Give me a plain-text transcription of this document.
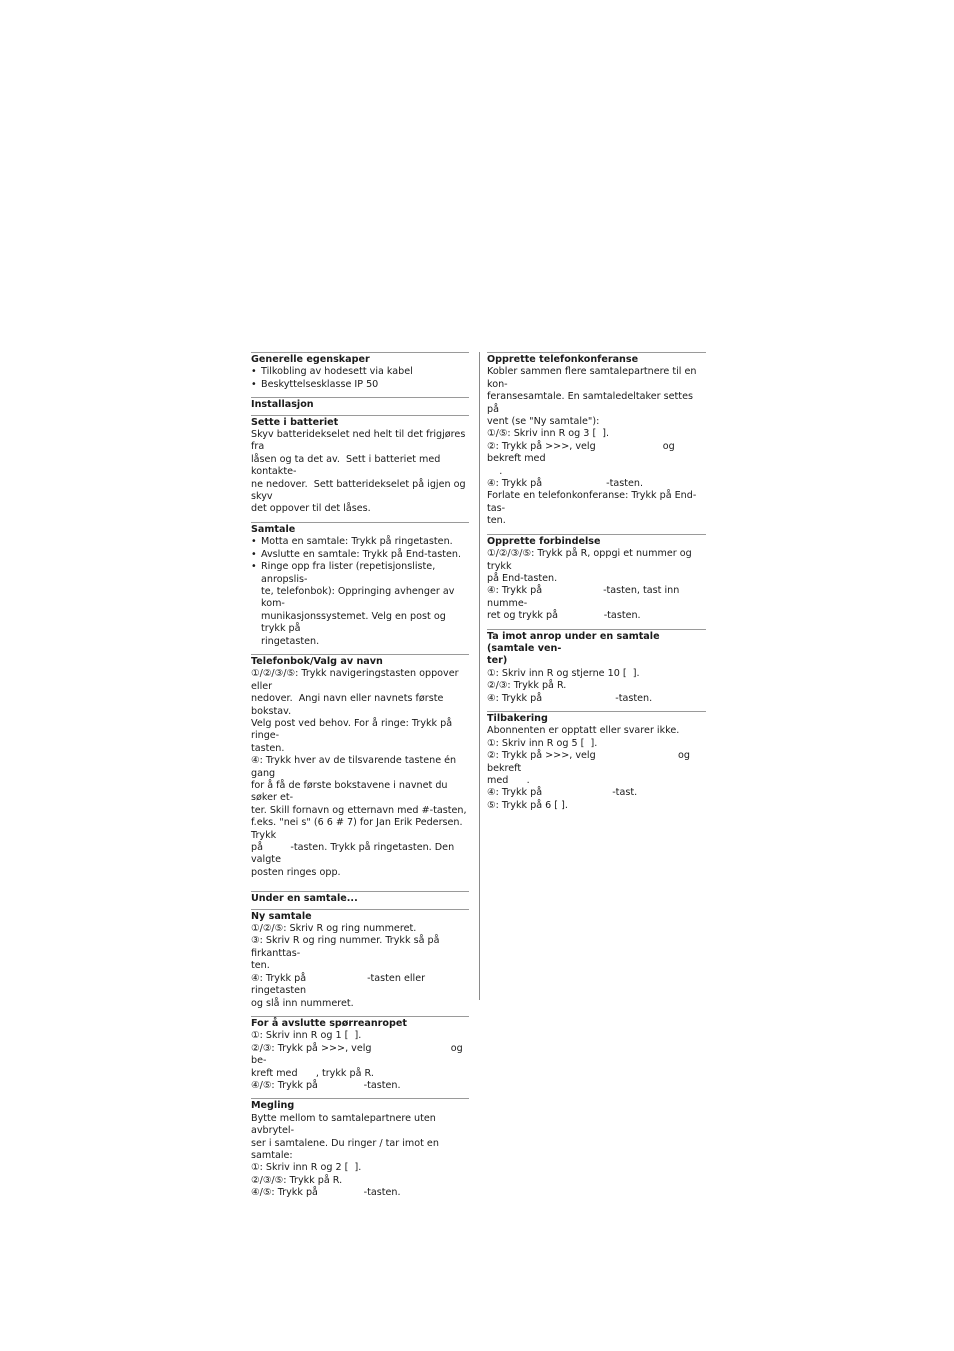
Generelle egenskaper
• Tilkobling av hodesett via kabel
• Beskyttelsesklasse IP 50
Installasjon
Sette i batteriet
Skyv batteridekselet ned helt til det frigjøres fra
låsen og ta det av.  Sett i batteriet med kontakte-
ne nedover.  Sett batteridekselet på igjen og skyv
det oppover til det låses.
Samtale
• Motta en samtale: Trykk på ringetasten.
• Avslutte en samtale: Trykk på End-tasten.
• Ringe opp fra lister (repetisjonsliste, anropslis-
te, telefonbok): Oppringing avhenger av kom-
munikasjonssystemet. Velg en post og trykk på
ringetasten.
Telefonbok/Valg av navn
①/②/③/⑤: Trykk navigeringstasten oppover eller
nedover.  Angi navn eller navnets første bokstav.
Velg post ved behov. For å ringe: Trykk på ringe-
tasten.
④: Trykk hver av de tilsvarende tastene én gang
for å få de første bokstavene i navnet du søker et-
ter. Skill fornavn og etternavn med #-tasten,
f.eks. "nei s" (6 6 # 7) for Jan Erik Pedersen. Trykk
på         -tasten. Trykk på ringetasten. Den valgte
posten ringes opp.
Under en samtale...
Ny samtale
①/②/⑤: Skriv R og ring nummeret.
③: Skriv R og ring nummer. Trykk så på firkanttas-
ten.
④: Trykk på                    -tasten eller ringetasten
og slå inn nummeret.
For å avslutte spørreanropet
①: Skriv inn R og 1 [  ].
②/③: Trykk på >>>, velg                          og be-
kreft med      , trykk på R.
④/⑤: Trykk på               -tasten.
Megling
Bytte mellom to samtalepartnere uten avbrytel-
ser i samtalene. Du ringer / tar imot en samtale:
①: Skriv inn R og 2 [  ].
②/③/⑤: Trykk på R.
④/⑤: Trykk på               -tasten.
Opprette telefonkonferanse
Kobler sammen flere samtalepartnere til en kon-
feransesamtale. En samtaledeltaker settes på
vent (se "Ny samtale"):
①/⑤: Skriv inn R og 3 [  ].
②: Trykk på >>>, velg                      og bekreft med
.
④: Trykk på                     -tasten.
Forlate en telefonkonferanse: Trykk på End-tas-
ten.
Opprette forbindelse
①/②/③/⑤: Trykk på R, oppgi et nummer og trykk
på End-tasten.
④: Trykk på                    -tasten, tast inn numme-
ret og trykk på               -tasten.
Ta imot anrop under en samtale (samtale ven-
ter)
①: Skriv inn R og stjerne 10 [  ].
②/③: Trykk på R.
④: Trykk på                        -tasten.
Tilbakering
Abonnenten er opptatt eller svarer ikke.
①: Skriv inn R og 5 [  ].
②: Trykk på >>>, velg                           og bekreft
med      .
④: Trykk på                       -tast.
⑤: Trykk på 6 [ ].
